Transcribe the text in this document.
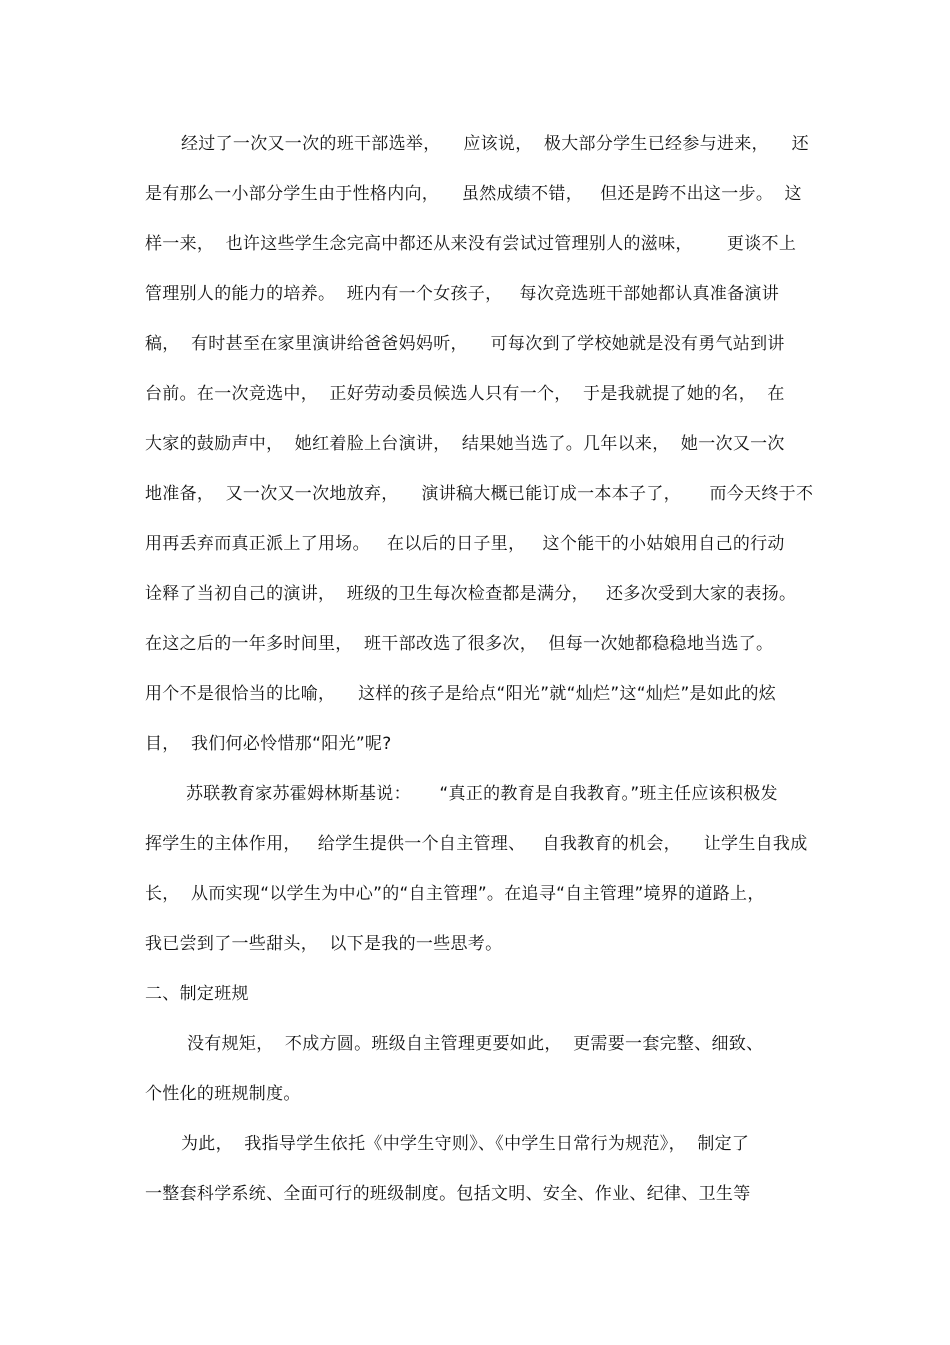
经过了一次又一次的班干部选举，    应该说，  极大部分学生已经参与进来，    还
是有那么一小部分学生由于性格内向，    虽然成绩不错，   但还是跨不出这一步。  这
样一来，  也许这些学生念完高中都还从来没有尝试过管理别人的滋味，      更谈不上
管理别人的能力的培养。  班内有一个女孩子，   每次竞选班干部她都认真准备演讲
稿，  有时甚至在家里演讲给爸爸妈妈听，    可每次到了学校她就是没有勇气站到讲
台前。在一次竞选中，  正好劳动委员候选人只有一个，  于是我就提了她的名，  在
大家的鼓励声中，  她红着脸上台演讲，  结果她当选了。几年以来，  她一次又一次
地准备，  又一次又一次地放弃，    演讲稿大概已能订成一本本子了，     而今天终于不
用再丢弃而真正派上了用场。   在以后的日子里，   这个能干的小姑娘用自己的行动
诠释了当初自己的演讲，  班级的卫生每次检查都是满分，   还多次受到大家的表扬。
在这之后的一年多时间里，  班干部改选了很多次，  但每一次她都稳稳地当选了。
用个不是很恰当的比喻，    这样的孩子是给点“阳光”就“灿烂”这“灿烂”是如此的炫
目，  我们何必怜惜那“阳光”呢?
苏联教育家苏霍姆林斯基说：     “真正的教育是自我教育。”班主任应该积极发
挥学生的主体作用，   给学生提供一个自主管理、   自我教育的机会，    让学生自我成
长，  从而实现“以学生为中心”的“自主管理”。在追寻“自主管理”境界的道路上，
我已尝到了一些甜头，  以下是我的一些思考。
二、制定班规
没有规矩，  不成方圆。班级自主管理更要如此，  更需要一套完整、细致、
个性化的班规制度。
为此，  我指导学生依托《中学生守则》、《中学生日常行为规范》，  制定了
一整套科学系统、全面可行的班级制度。包括文明、安全、作业、纪律、卫生等
